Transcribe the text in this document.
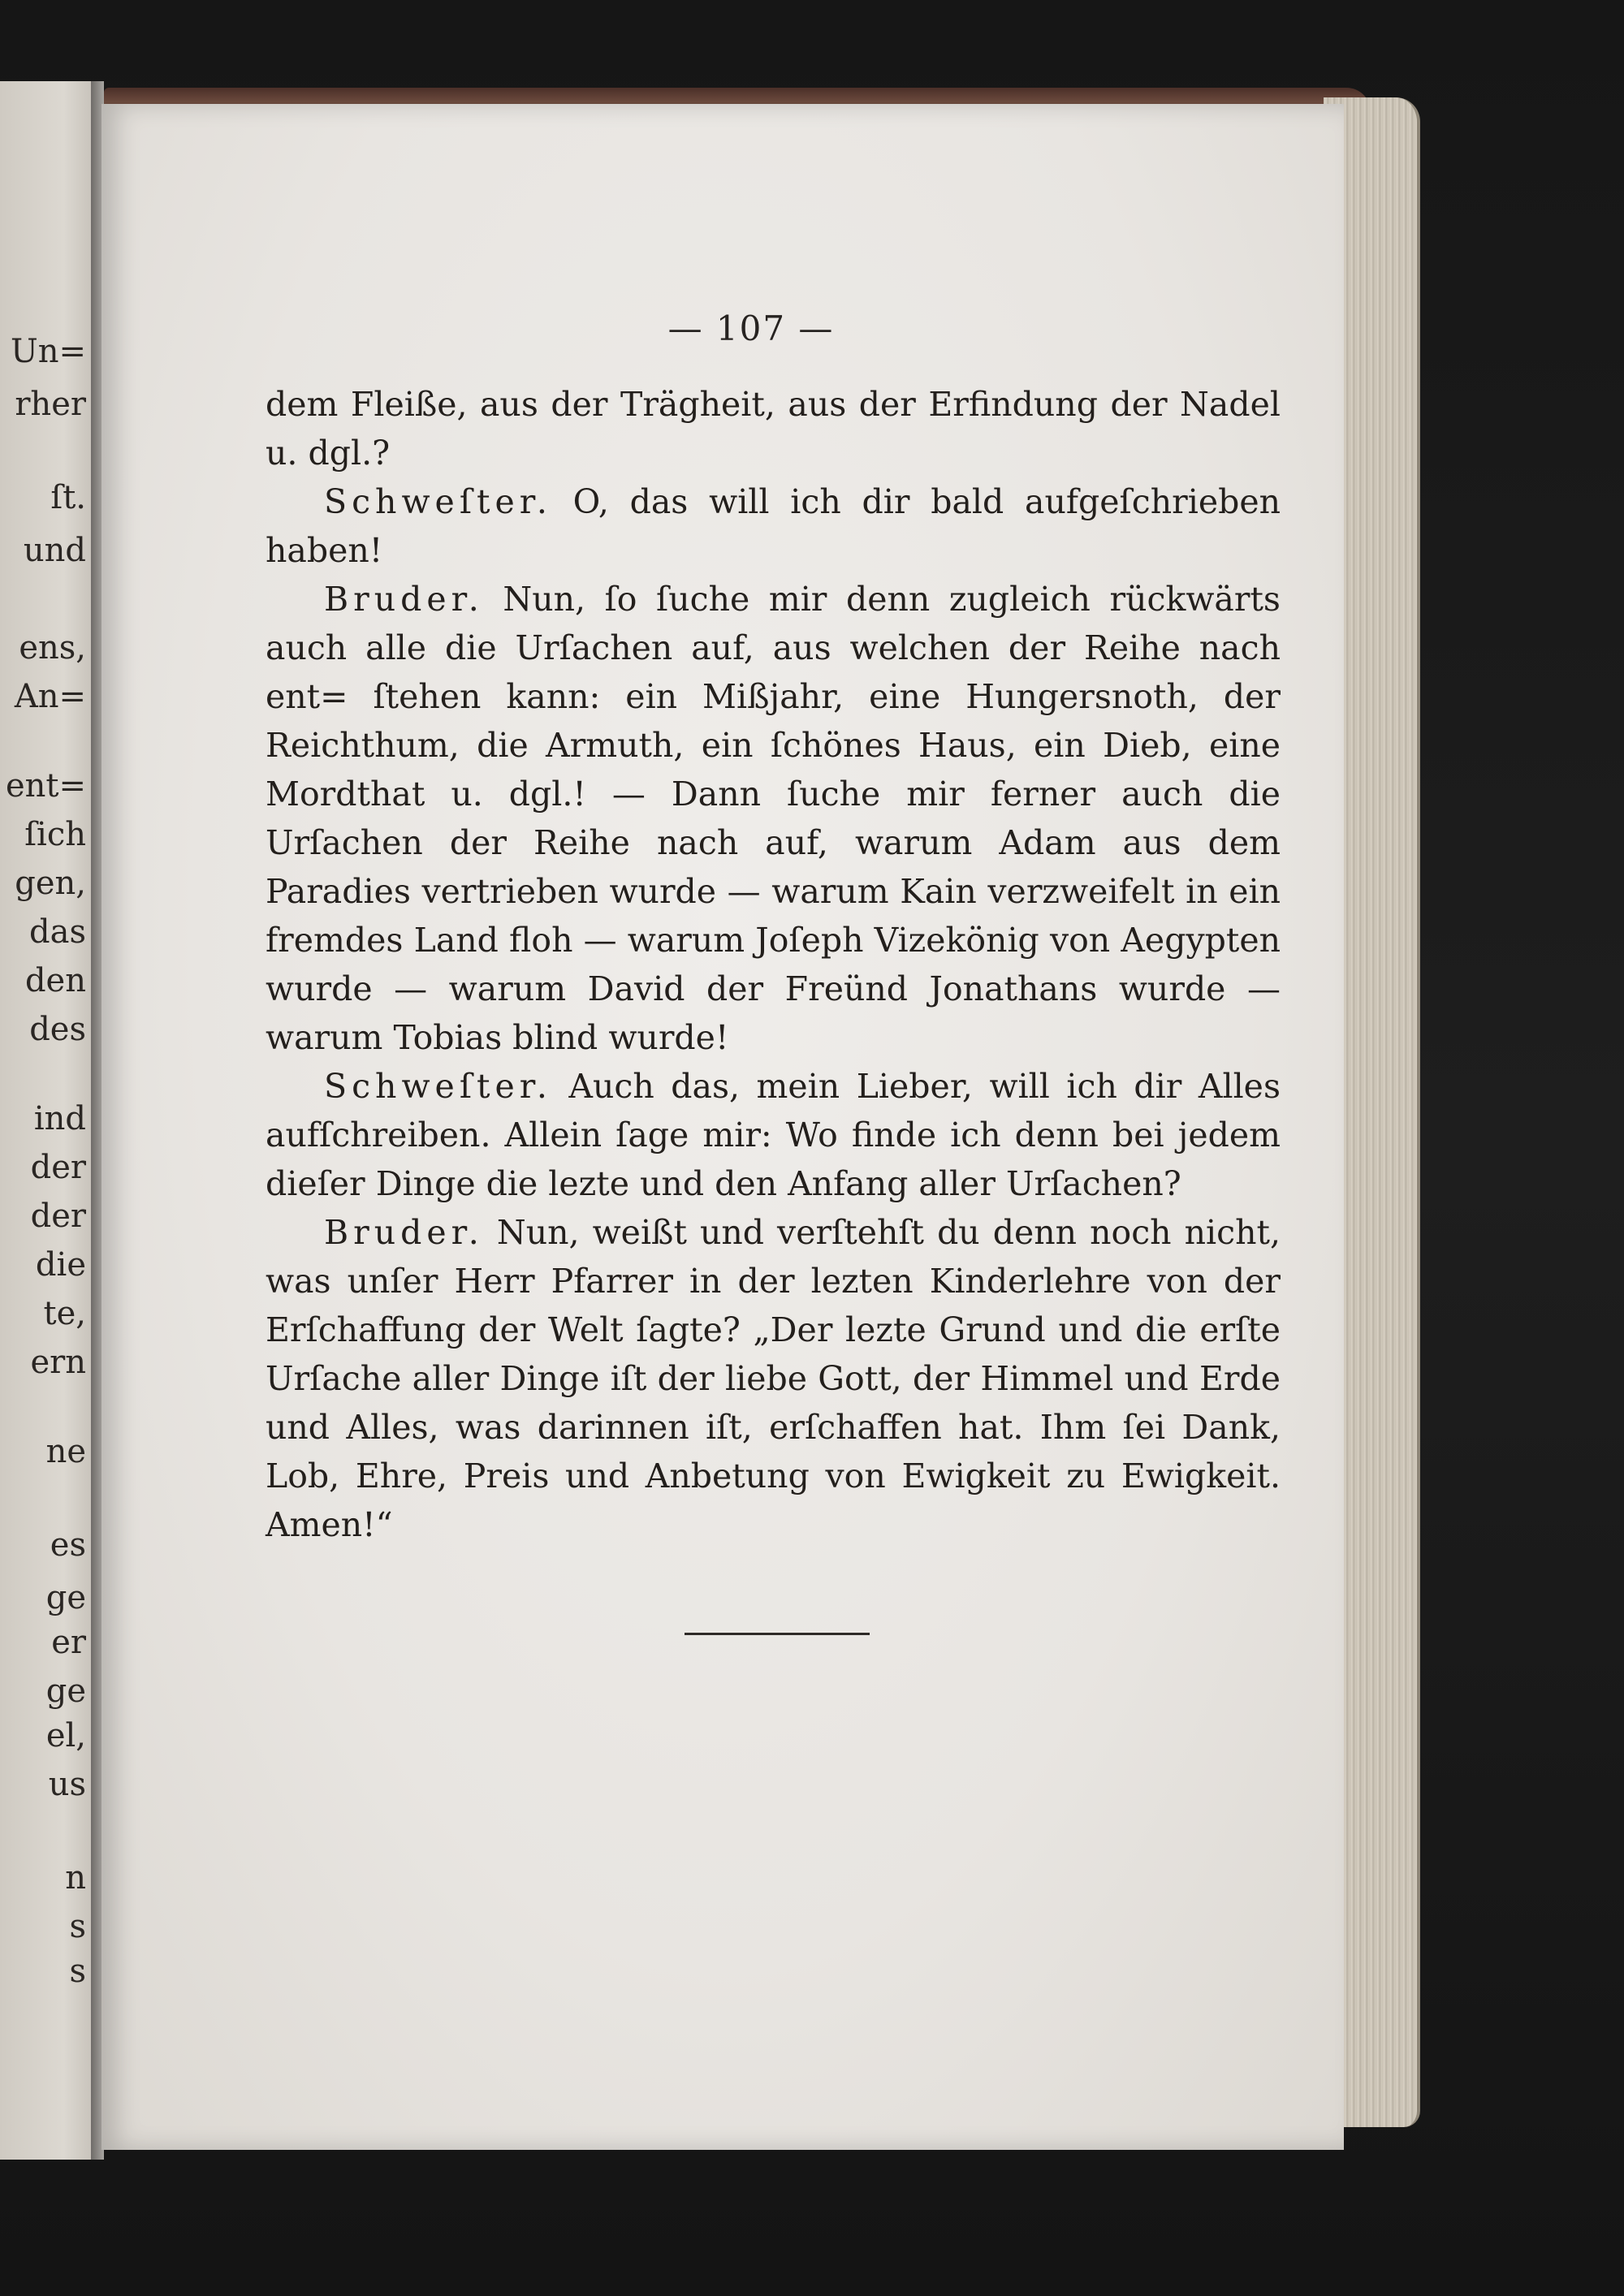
Un=
rher
ſt.
und
ens,
An=
ent=
ſich
gen,
das
den
des
ind
der
der
die
te,
ern
ne
es
ge
er
ge
el,
us
n
s
s
— 107 —

dem Fleiße, aus der Trägheit, aus der Erfindung der Nadel u. dgl.?

Schweſter. O, das will ich dir bald aufgeſchrieben haben!

Bruder. Nun, ſo ſuche mir denn zugleich rückwärts auch alle die Urſachen auf, aus welchen der Reihe nach ent= ſtehen kann: ein Mißjahr, eine Hungersnoth, der Reichthum, die Armuth, ein ſchönes Haus, ein Dieb, eine Mordthat u. dgl.! — Dann ſuche mir ferner auch die Urſachen der Reihe nach auf, warum Adam aus dem Paradies vertrieben wurde — warum Kain verzweifelt in ein fremdes Land floh — warum Joſeph Vizekönig von Aegypten wurde — warum David der Freünd Jonathans wurde — warum Tobias blind wurde!

Schweſter. Auch das, mein Lieber, will ich dir Alles aufſchreiben. Allein ſage mir: Wo finde ich denn bei jedem dieſer Dinge die lezte und den Anfang aller Urſachen?

Bruder. Nun, weißt und verſtehſt du denn noch nicht, was unſer Herr Pfarrer in der lezten Kinderlehre von der Erſchaffung der Welt ſagte? „Der lezte Grund und die erſte Urſache aller Dinge iſt der liebe Gott, der Himmel und Erde und Alles, was darinnen iſt, erſchaffen hat. Ihm ſei Dank, Lob, Ehre, Preis und Anbetung von Ewigkeit zu Ewigkeit. Amen!“
